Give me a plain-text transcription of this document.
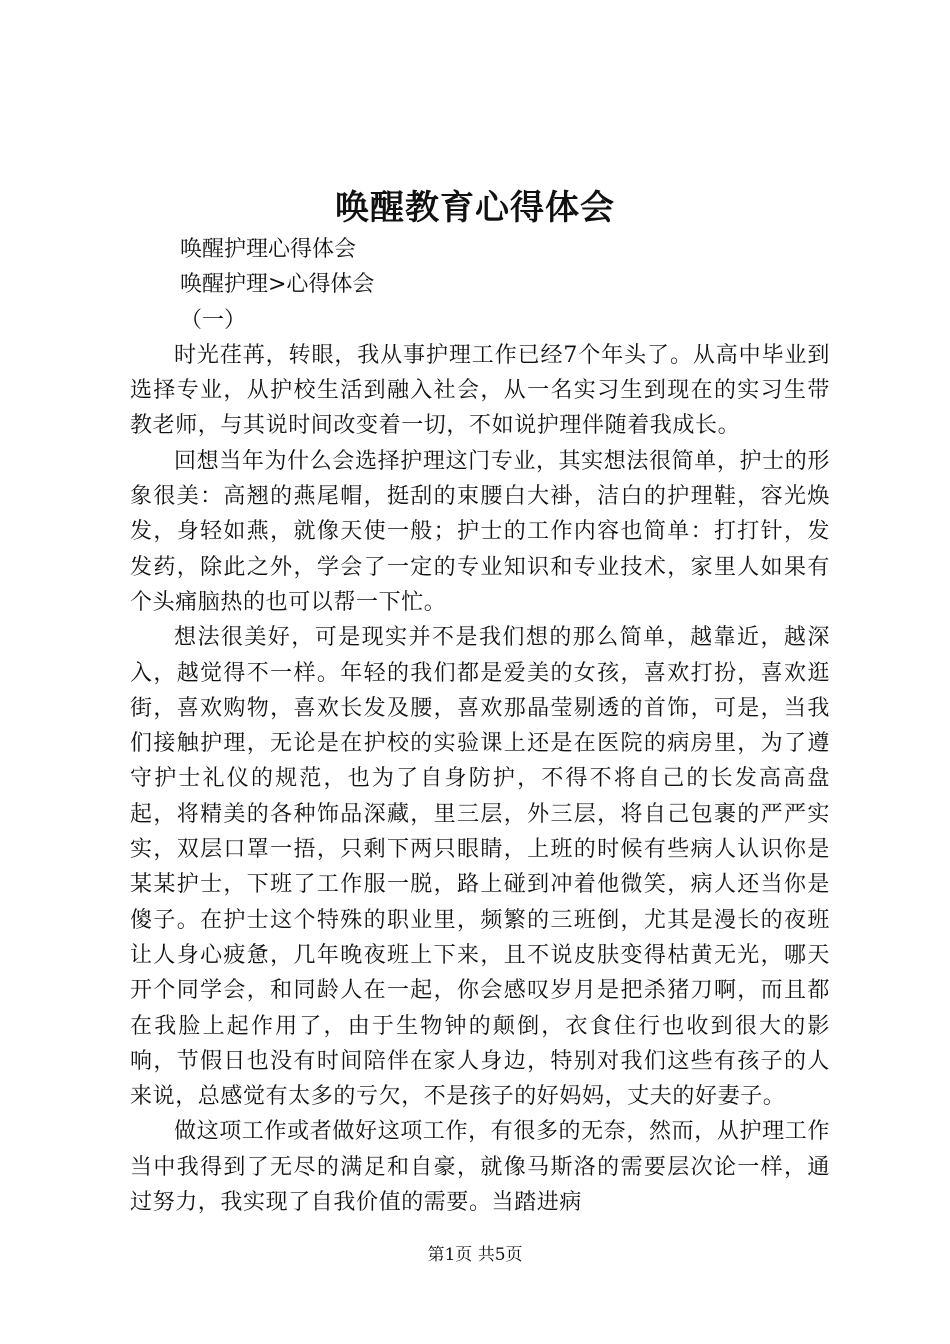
唤醒教育心得体会

唤醒护理心得体会

唤醒护理>心得体会

（一）

时光荏苒，转眼，我从事护理工作已经7个年头了。从高中毕业到选择专业，从护校生活到融入社会，从一名实习生到现在的实习生带教老师，与其说时间改变着一切，不如说护理伴随着我成长。

回想当年为什么会选择护理这门专业，其实想法很简单，护士的形象很美：高翘的燕尾帽，挺刮的束腰白大褂，洁白的护理鞋，容光焕发，身轻如燕，就像天使一般；护士的工作内容也简单：打打针，发发药，除此之外，学会了一定的专业知识和专业技术，家里人如果有个头痛脑热的也可以帮一下忙。

想法很美好，可是现实并不是我们想的那么简单，越靠近，越深入，越觉得不一样。年轻的我们都是爱美的女孩，喜欢打扮，喜欢逛街，喜欢购物，喜欢长发及腰，喜欢那晶莹剔透的首饰，可是，当我们接触护理，无论是在护校的实验课上还是在医院的病房里，为了遵守护士礼仪的规范，也为了自身防护，不得不将自己的长发高高盘起，将精美的各种饰品深藏，里三层，外三层，将自己包裹的严严实实，双层口罩一捂，只剩下两只眼睛，上班的时候有些病人认识你是某某护士，下班了工作服一脱，路上碰到冲着他微笑，病人还当你是傻子。在护士这个特殊的职业里，频繁的三班倒，尤其是漫长的夜班让人身心疲惫，几年晚夜班上下来，且不说皮肤变得枯黄无光，哪天开个同学会，和同龄人在一起，你会感叹岁月是把杀猪刀啊，而且都在我脸上起作用了，由于生物钟的颠倒，衣食住行也收到很大的影响，节假日也没有时间陪伴在家人身边，特别对我们这些有孩子的人来说，总感觉有太多的亏欠，不是孩子的好妈妈，丈夫的好妻子。

做这项工作或者做好这项工作，有很多的无奈，然而，从护理工作当中我得到了无尽的满足和自豪，就像马斯洛的需要层次论一样，通过努力，我实现了自我价值的需要。当踏进病

第1页 共5页
